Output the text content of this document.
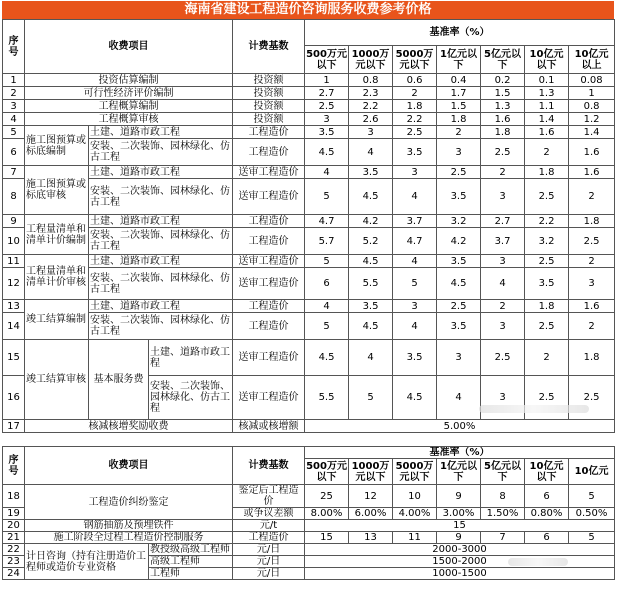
海南省建设工程造价咨询服务收费参考价格
序号	收费项目			计费基数	基准率（%）						
					500万元以下	1000万元以下	5000万元以下	1亿元以下	5亿元以下	10亿元以下	10亿元以上
1	投资估算编制			投资额	1	0.8	0.6	0.4	0.2	0.1	0.08
2	可行性经济评价编制			投资额	2.7	2.3	2	1.7	1.5	1.3	1
3	工程概算编制			投资额	2.5	2.2	1.8	1.5	1.3	1.1	0.8
4	工程概算审核			投资额	3	2.6	2.2	1.8	1.6	1.4	1.2
5	施工图预算或标底编制	土建、道路市政工程		工程造价	3.5	3	2.5	2	1.8	1.6	1.4
6		安装、二次装饰、园林绿化、仿古工程		工程造价	4.5	4	3.5	3	2.5	2	1.6
7	施工图预算或标底审核	土建、道路市政工程		送审工程造价	4	3.5	3	2.5	2	1.8	1.6
8		安装、二次装饰、园林绿化、仿古工程		送审工程造价	5	4.5	4	3.5	3	2.5	2
9	工程量清单和清单计价编制	土建、道路市政工程		工程造价	4.7	4.2	3.7	3.2	2.7	2.2	1.8
10		安装、二次装饰、园林绿化、仿古工程		工程造价	5.7	5.2	4.7	4.2	3.7	3.2	2.5
11	工程量清单和清单计价审核	土建、道路市政工程		送审工程造价	5	4.5	4	3.5	3	2.5	2
12		安装、二次装饰、园林绿化、仿古工程		送审工程造价	6	5.5	5	4.5	4	3.5	3
13	竣工结算编制	土建、道路市政工程		工程造价	4	3.5	3	2.5	2	1.8	1.6
14		安装、二次装饰、园林绿化、仿古工程		工程造价	5	4.5	4	3.5	3	2.5	2
15	竣工结算审核	基本服务费	土建、道路市政工程	送审工程造价	4.5	4	3.5	3	2.5	2	1.8
16			安装、二次装饰、园林绿化、仿古工程	送审工程造价	5.5	5	4.5	4	3	2.5	2.5
17	核减核增奖励收费			核减或核增额	5.00%						
序号	收费项目		计费基数	基准率（%）						
				500万元以下	1000万元以下	5000万元以下	1亿元以下	5亿元以下	10亿元以下	10亿元
18	工程造价纠纷鉴定		鉴定后工程造价	25	12	10	9	8	6	5
19			或争议差额	8.00%	6.00%	4.00%	3.00%	1.50%	0.80%	0.50%
20	钢筋抽筋及预埋铁件		元/t	15						
21	施工阶段全过程工程造价控制服务		工程造价	15	13	11	9	7	6	5
22	计日咨询（持有注册造价工程师或造价专业资格	教授级高级工程师	元/日	2000-3000						
23		高级工程师	元/日	1500-2000						
24		工程师	元/日	1000-1500						
